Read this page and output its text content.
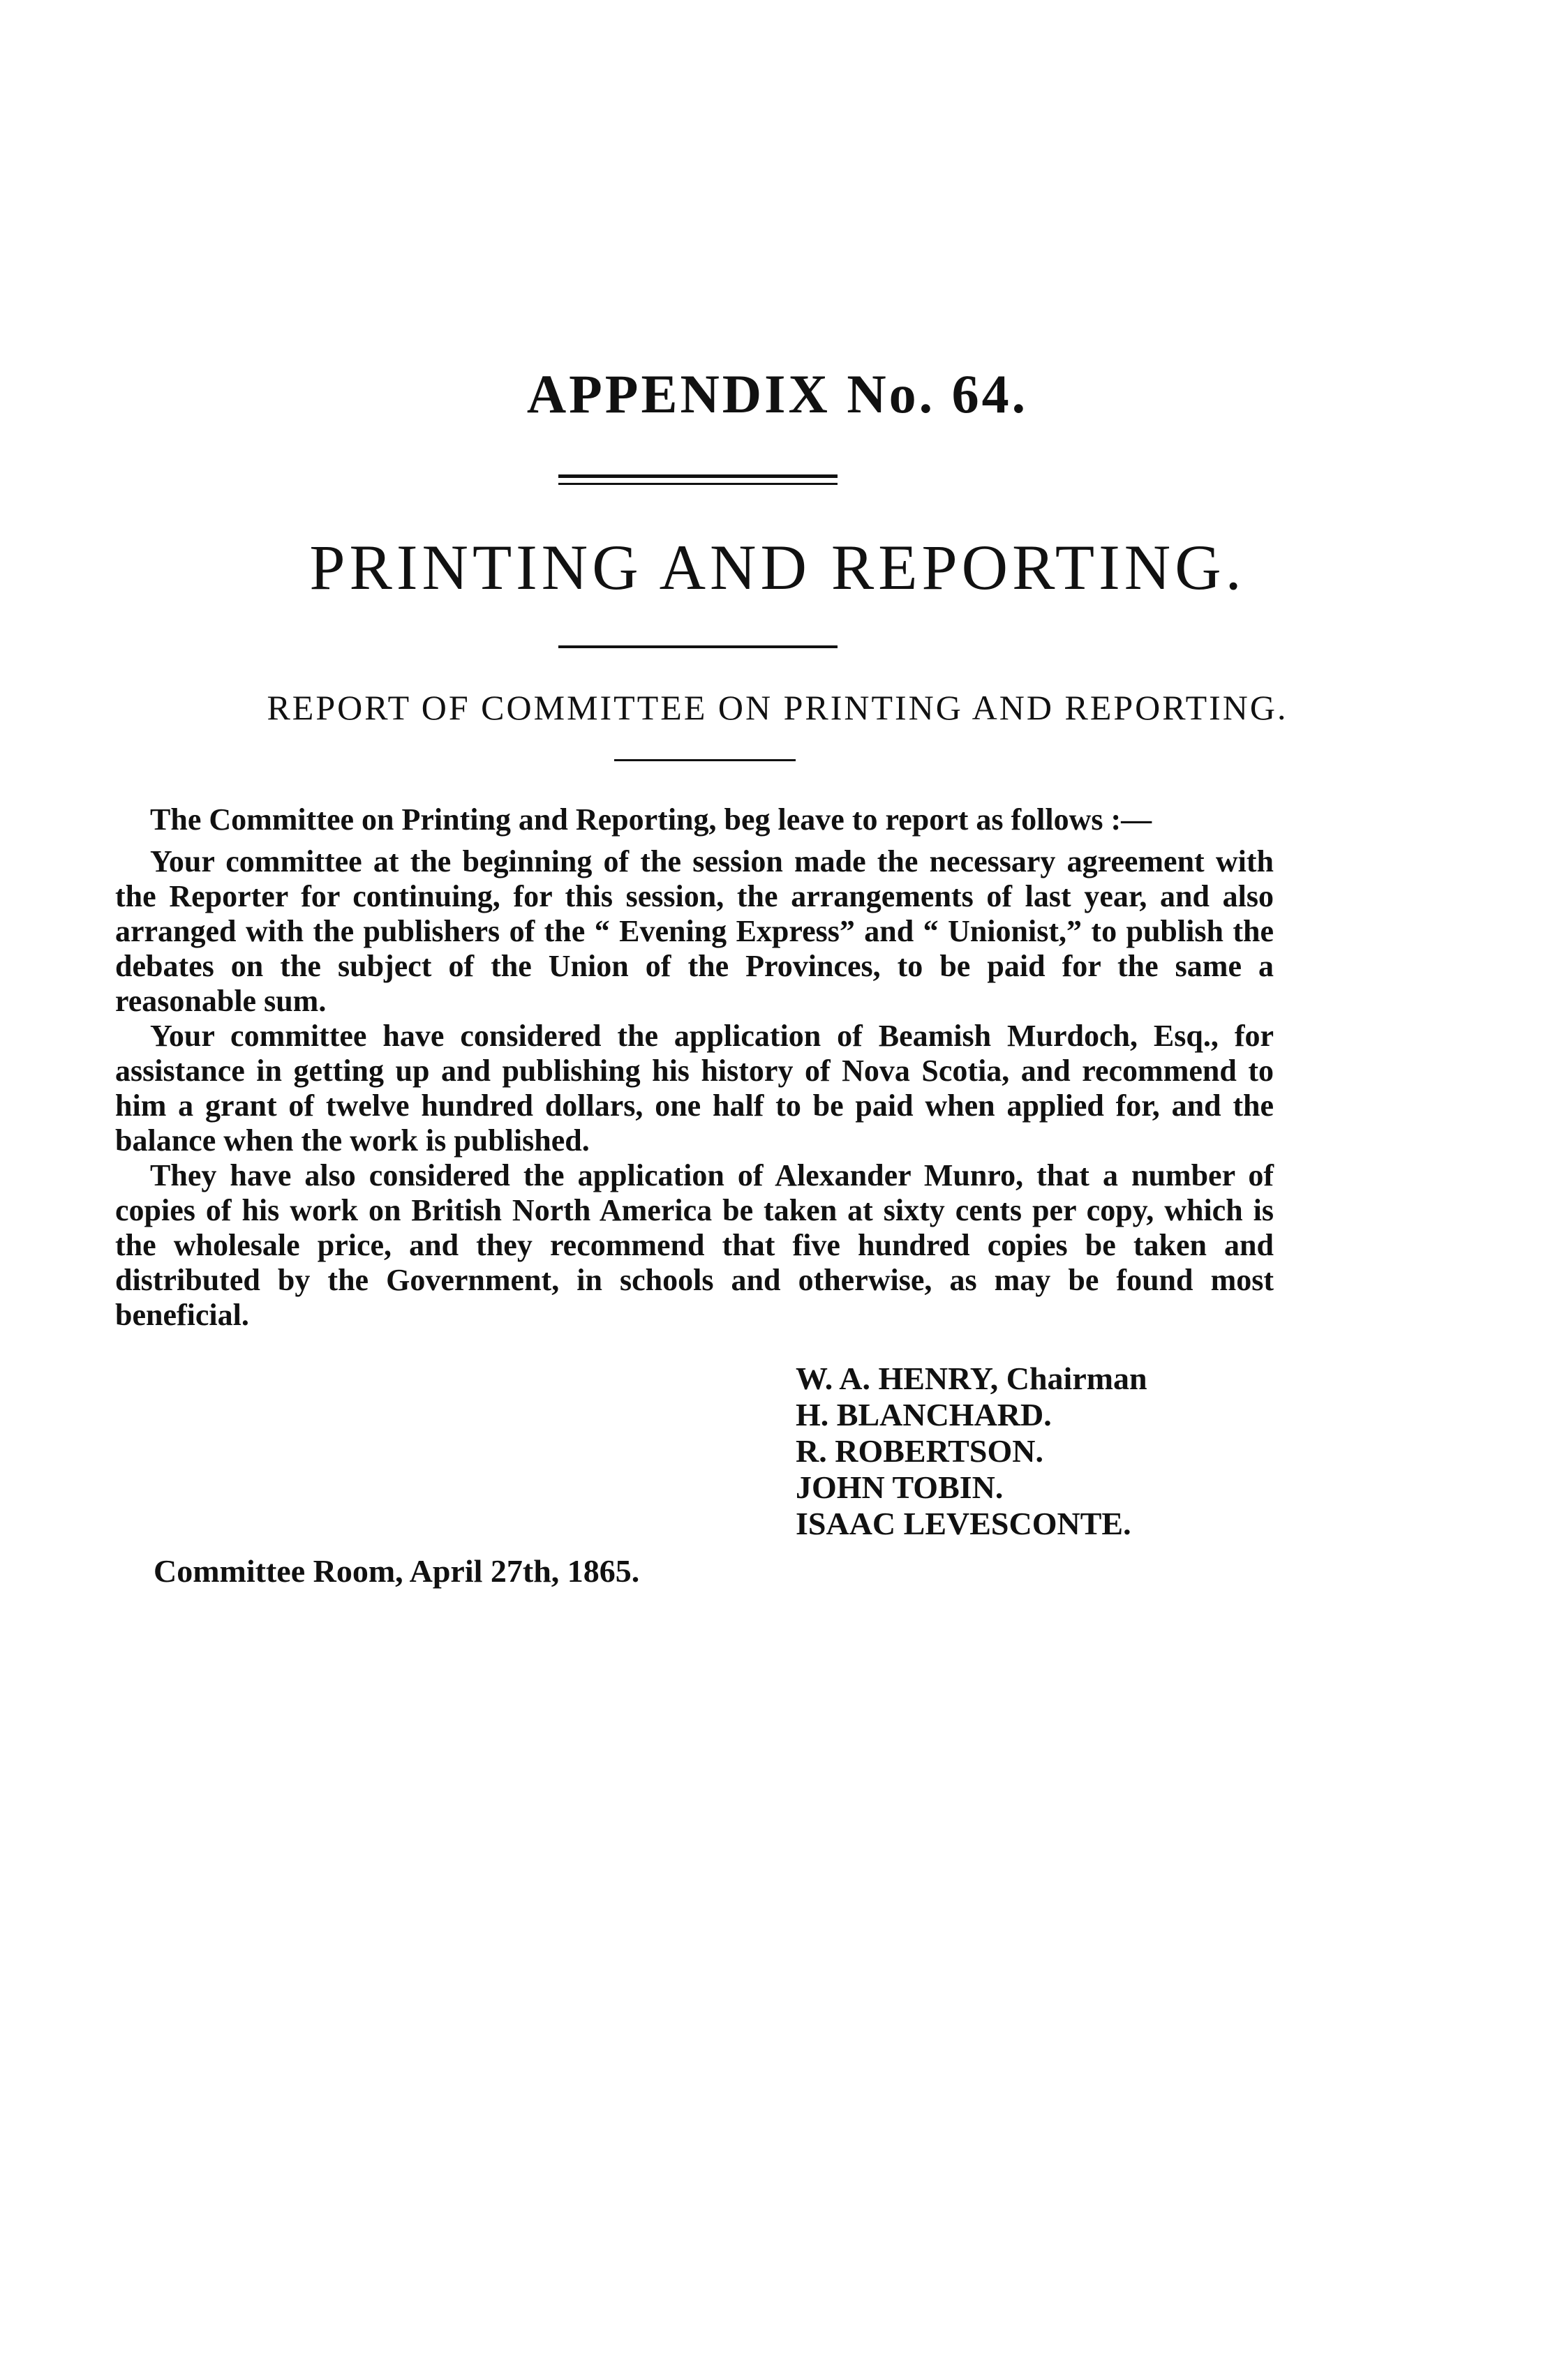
APPENDIX No. 64.
PRINTING AND REPORTING.
REPORT OF COMMITTEE ON PRINTING AND REPORTING.

The Committee on Printing and Reporting, beg leave to report as follows :—

Your committee at the beginning of the session made the necessary agreement with the Reporter for continuing, for this session, the arrangements of last year, and also arranged with the publishers of the “ Evening Express” and “ Unionist,” to publish the debates on the subject of the Union of the Provinces, to be paid for the same a reasonable sum.

Your committee have considered the application of Beamish Murdoch, Esq., for assistance in getting up and publishing his history of Nova Scotia, and recommend to him a grant of twelve hundred dollars, one half to be paid when applied for, and the balance when the work is published.

They have also considered the application of Alexander Munro, that a number of copies of his work on British North America be taken at sixty cents per copy, which is the wholesale price, and they recommend that five hundred copies be taken and distributed by the Government, in schools and otherwise, as may be found most beneficial.

W. A. HENRY, Chairman
H. BLANCHARD.
R. ROBERTSON.
JOHN TOBIN.
ISAAC LEVESCONTE.
Committee Room, April 27th, 1865.
